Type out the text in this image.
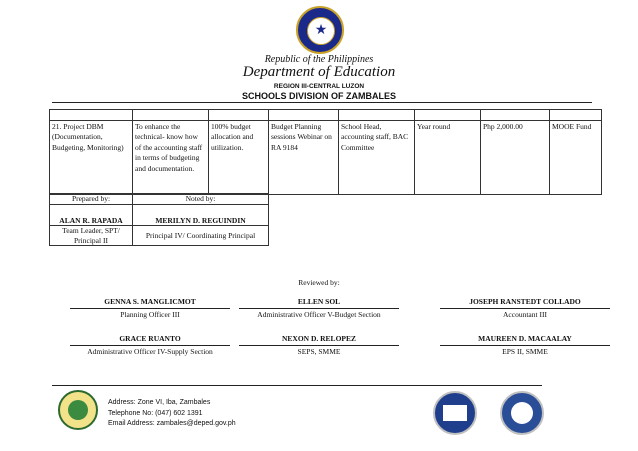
★
Republic of the Philippines
Department of Education
REGION III-CENTRAL LUZON
SCHOOLS DIVISION OF ZAMBALES

21. Project DBM (Documentation, Budgeting, Monitoring)	To enhance the technical- know how of the accounting staff in terms of budgeting and documentation.	100% budget allocation and utilization.	Budget Planning sessions Webinar on RA 9184	School Head, accounting staff, BAC Committee	Year round	Php 2,000.00	MOOE Fund
Prepared by:	Noted by:

ALAN R. RAPADA	MERILYN D. REGUINDIN
Team Leader, SPT/ Principal II	Principal IV/ Coordinating Principal
Reviewed by:
GENNA S. MANGLICMOT
Planning Officer III
ELLEN SOL
Administrative Officer V-Budget Section
JOSEPH RANSTEDT COLLADO
Accountant III
GRACE RUANTO
Administrative Officer IV-Supply Section
NEXON D. RELOPEZ
SEPS, SMME
MAUREEN D. MACAALAY
EPS II, SMME
Address: Zone VI, Iba, Zambales
Telephone No: (047) 602 1391
Email Address: zambales@deped.gov.ph
